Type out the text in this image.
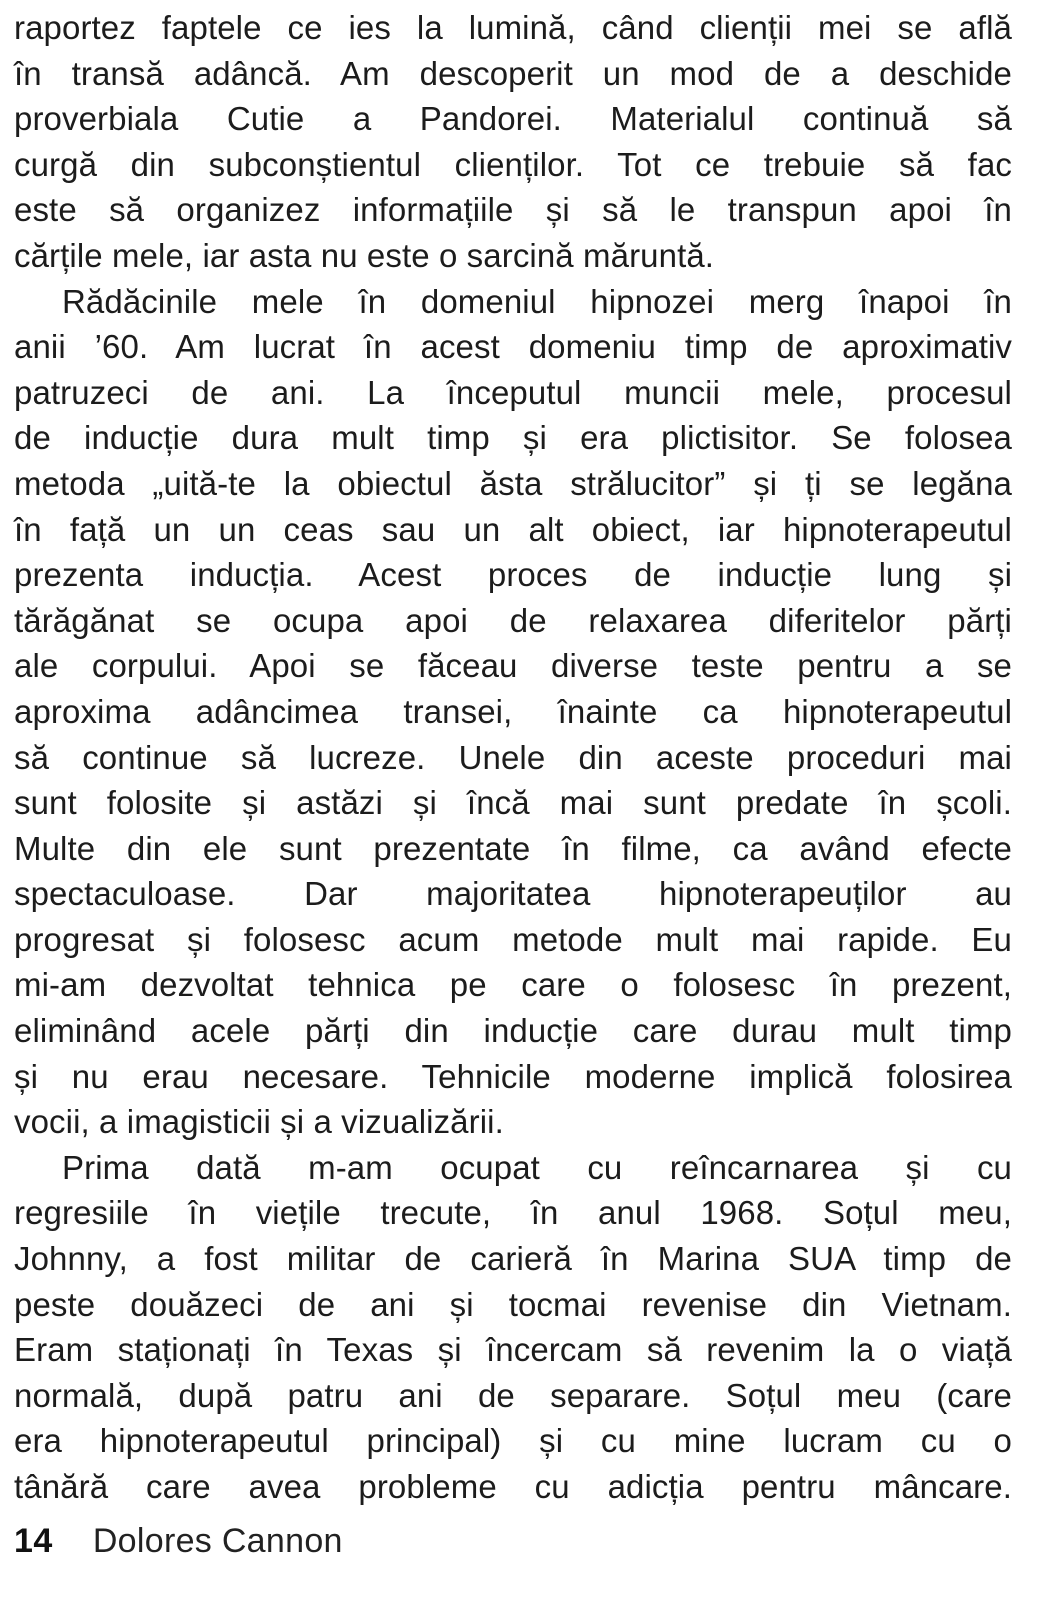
raportez faptele ce ies la lumină, când clienții mei se află
în transă adâncă. Am descoperit un mod de a deschide
proverbiala Cutie a Pandorei. Materialul continuă să
curgă din subconștientul clienților. Tot ce trebuie să fac
este să organizez informațiile și să le transpun apoi în
cărțile mele, iar asta nu este o sarcină măruntă.
Rădăcinile mele în domeniul hipnozei merg înapoi în
anii ’60. Am lucrat în acest domeniu timp de aproximativ
patruzeci de ani. La începutul muncii mele, procesul
de inducție dura mult timp și era plictisitor. Se folosea
metoda „uită-te la obiectul ăsta strălucitor” și ți se legăna
în față un un ceas sau un alt obiect, iar hipnoterapeutul
prezenta inducția. Acest proces de inducție lung și
tărăgănat se ocupa apoi de relaxarea diferitelor părți
ale corpului. Apoi se făceau diverse teste pentru a se
aproxima adâncimea transei, înainte ca hipnoterapeutul
să continue să lucreze. Unele din aceste proceduri mai
sunt folosite și astăzi și încă mai sunt predate în școli.
Multe din ele sunt prezentate în filme, ca având efecte
spectaculoase. Dar majoritatea hipnoterapeuților au
progresat și folosesc acum metode mult mai rapide. Eu
mi-am dezvoltat tehnica pe care o folosesc în prezent,
eliminând acele părți din inducție care durau mult timp
și nu erau necesare. Tehnicile moderne implică folosirea
vocii, a imagisticii și a vizualizării.
Prima dată m-am ocupat cu reîncarnarea și cu
regresiile în viețile trecute, în anul 1968. Soțul meu,
Johnny, a fost militar de carieră în Marina SUA timp de
peste douăzeci de ani și tocmai revenise din Vietnam.
Eram staționați în Texas și încercam să revenim la o viață
normală, după patru ani de separare. Soțul meu (care
era hipnoterapeutul principal) și cu mine lucram cu o
tânără care avea probleme cu adicția pentru mâncare.
14 Dolores Cannon
